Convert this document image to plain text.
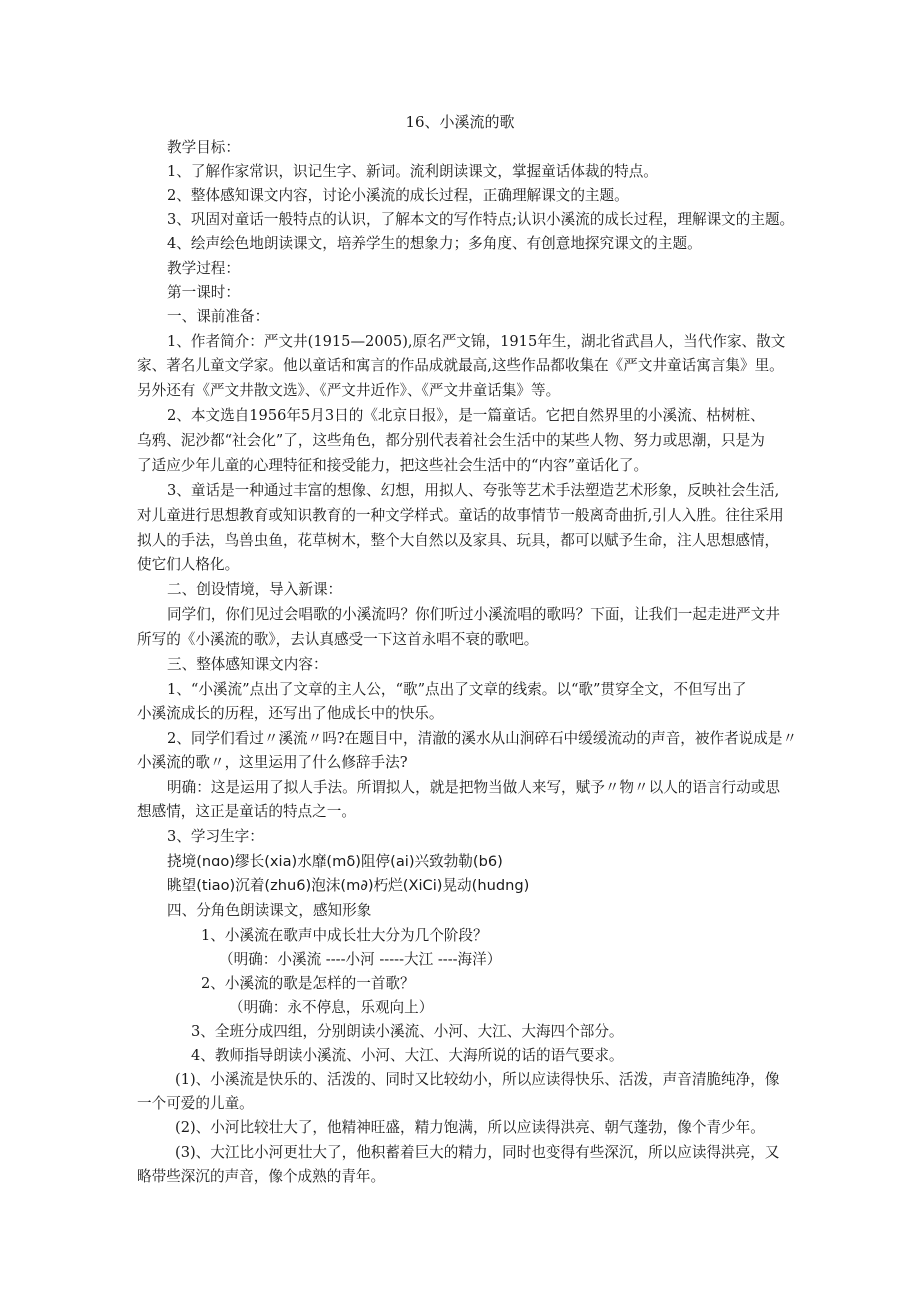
16、小溪流的歌
教学目标：
1、了解作家常识，识记生字、新词。流利朗读课文，掌握童话体裁的特点。
2、整体感知课文内容，讨论小溪流的成长过程，正确理解课文的主题。
3、巩固对童话一般特点的认识，了解本文的写作特点;认识小溪流的成长过程，理解课文的主题。
4、绘声绘色地朗读课文，培养学生的想象力；多角度、有创意地探究课文的主题。
教学过程：
第一课时：
一、课前准备：
1、作者简介：严文井(1915—2005),原名严文锦，1915年生，湖北省武昌人，当代作家、散文
家、著名儿童文学家。他以童话和寓言的作品成就最高,这些作品都收集在《严文井童话寓言集》里。
另外还有《严文井散文选》、《严文井近作》、《严文井童话集》等。
2、本文选自1956年5月3日的《北京日报》，是一篇童话。它把自然界里的小溪流、枯树桩、
乌鸦、泥沙都“社会化”了，这些角色，都分别代表着社会生活中的某些人物、努力或思潮，只是为
了适应少年儿童的心理特征和接受能力，把这些社会生活中的“内容”童话化了。
3、童话是一种通过丰富的想像、幻想，用拟人、夸张等艺术手法塑造艺术形象，反映社会生活,
对儿童进行思想教育或知识教育的一种文学样式。童话的故事情节一般离奇曲折,引人入胜。往往采用
拟人的手法，鸟兽虫鱼，花草树木，整个大自然以及家具、玩具，都可以赋予生命，注人思想感情，
使它们人格化。
二、创设情境，导入新课：
同学们，你们见过会唱歌的小溪流吗？你们听过小溪流唱的歌吗？下面，让我们一起走进严文井
所写的《小溪流的歌》，去认真感受一下这首永唱不衰的歌吧。
三、整体感知课文内容：
1、“小溪流”点出了文章的主人公，“歌”点出了文章的线索。以“歌”贯穿全文，不但写出了
小溪流成长的历程，还写出了他成长中的快乐。
2、同学们看过〃溪流〃吗?在题目中，清澈的溪水从山涧碎石中缓缓流动的声音，被作者说成是〃
小溪流的歌〃，这里运用了什么修辞手法?
明确：这是运用了拟人手法。所谓拟人，就是把物当做人来写，赋予〃物〃以人的语言行动或思
想感情，这正是童话的特点之一。
3、学习生字：
挠境(nɑo)缪长(xia)水靡(mδ)阻停(ai)兴致勃勒(b6)
眺望(tiao)沉着(zhu6)泡沫(m∂)朽烂(XiCi)晃动(hudng)
四、分角色朗读课文，感知形象
1、小溪流在歌声中成长壮大分为几个阶段？
（明确：小溪流 ----小河 -----大江 ----海洋）
2、小溪流的歌是怎样的一首歌？
（明确：永不停息，乐观向上）
3、全班分成四组，分别朗读小溪流、小河、大江、大海四个部分。
4、教师指导朗读小溪流、小河、大江、大海所说的话的语气要求。
(1)、小溪流是快乐的、活泼的、同时又比较幼小，所以应读得快乐、活泼，声音清脆纯净，像
一个可爱的儿童。
(2)、小河比较壮大了，他精神旺盛，精力饱满，所以应读得洪亮、朝气蓬勃，像个青少年。
(3)、大江比小河更壮大了，他积蓄着巨大的精力，同时也变得有些深沉，所以应读得洪亮，又
略带些深沉的声音，像个成熟的青年。
